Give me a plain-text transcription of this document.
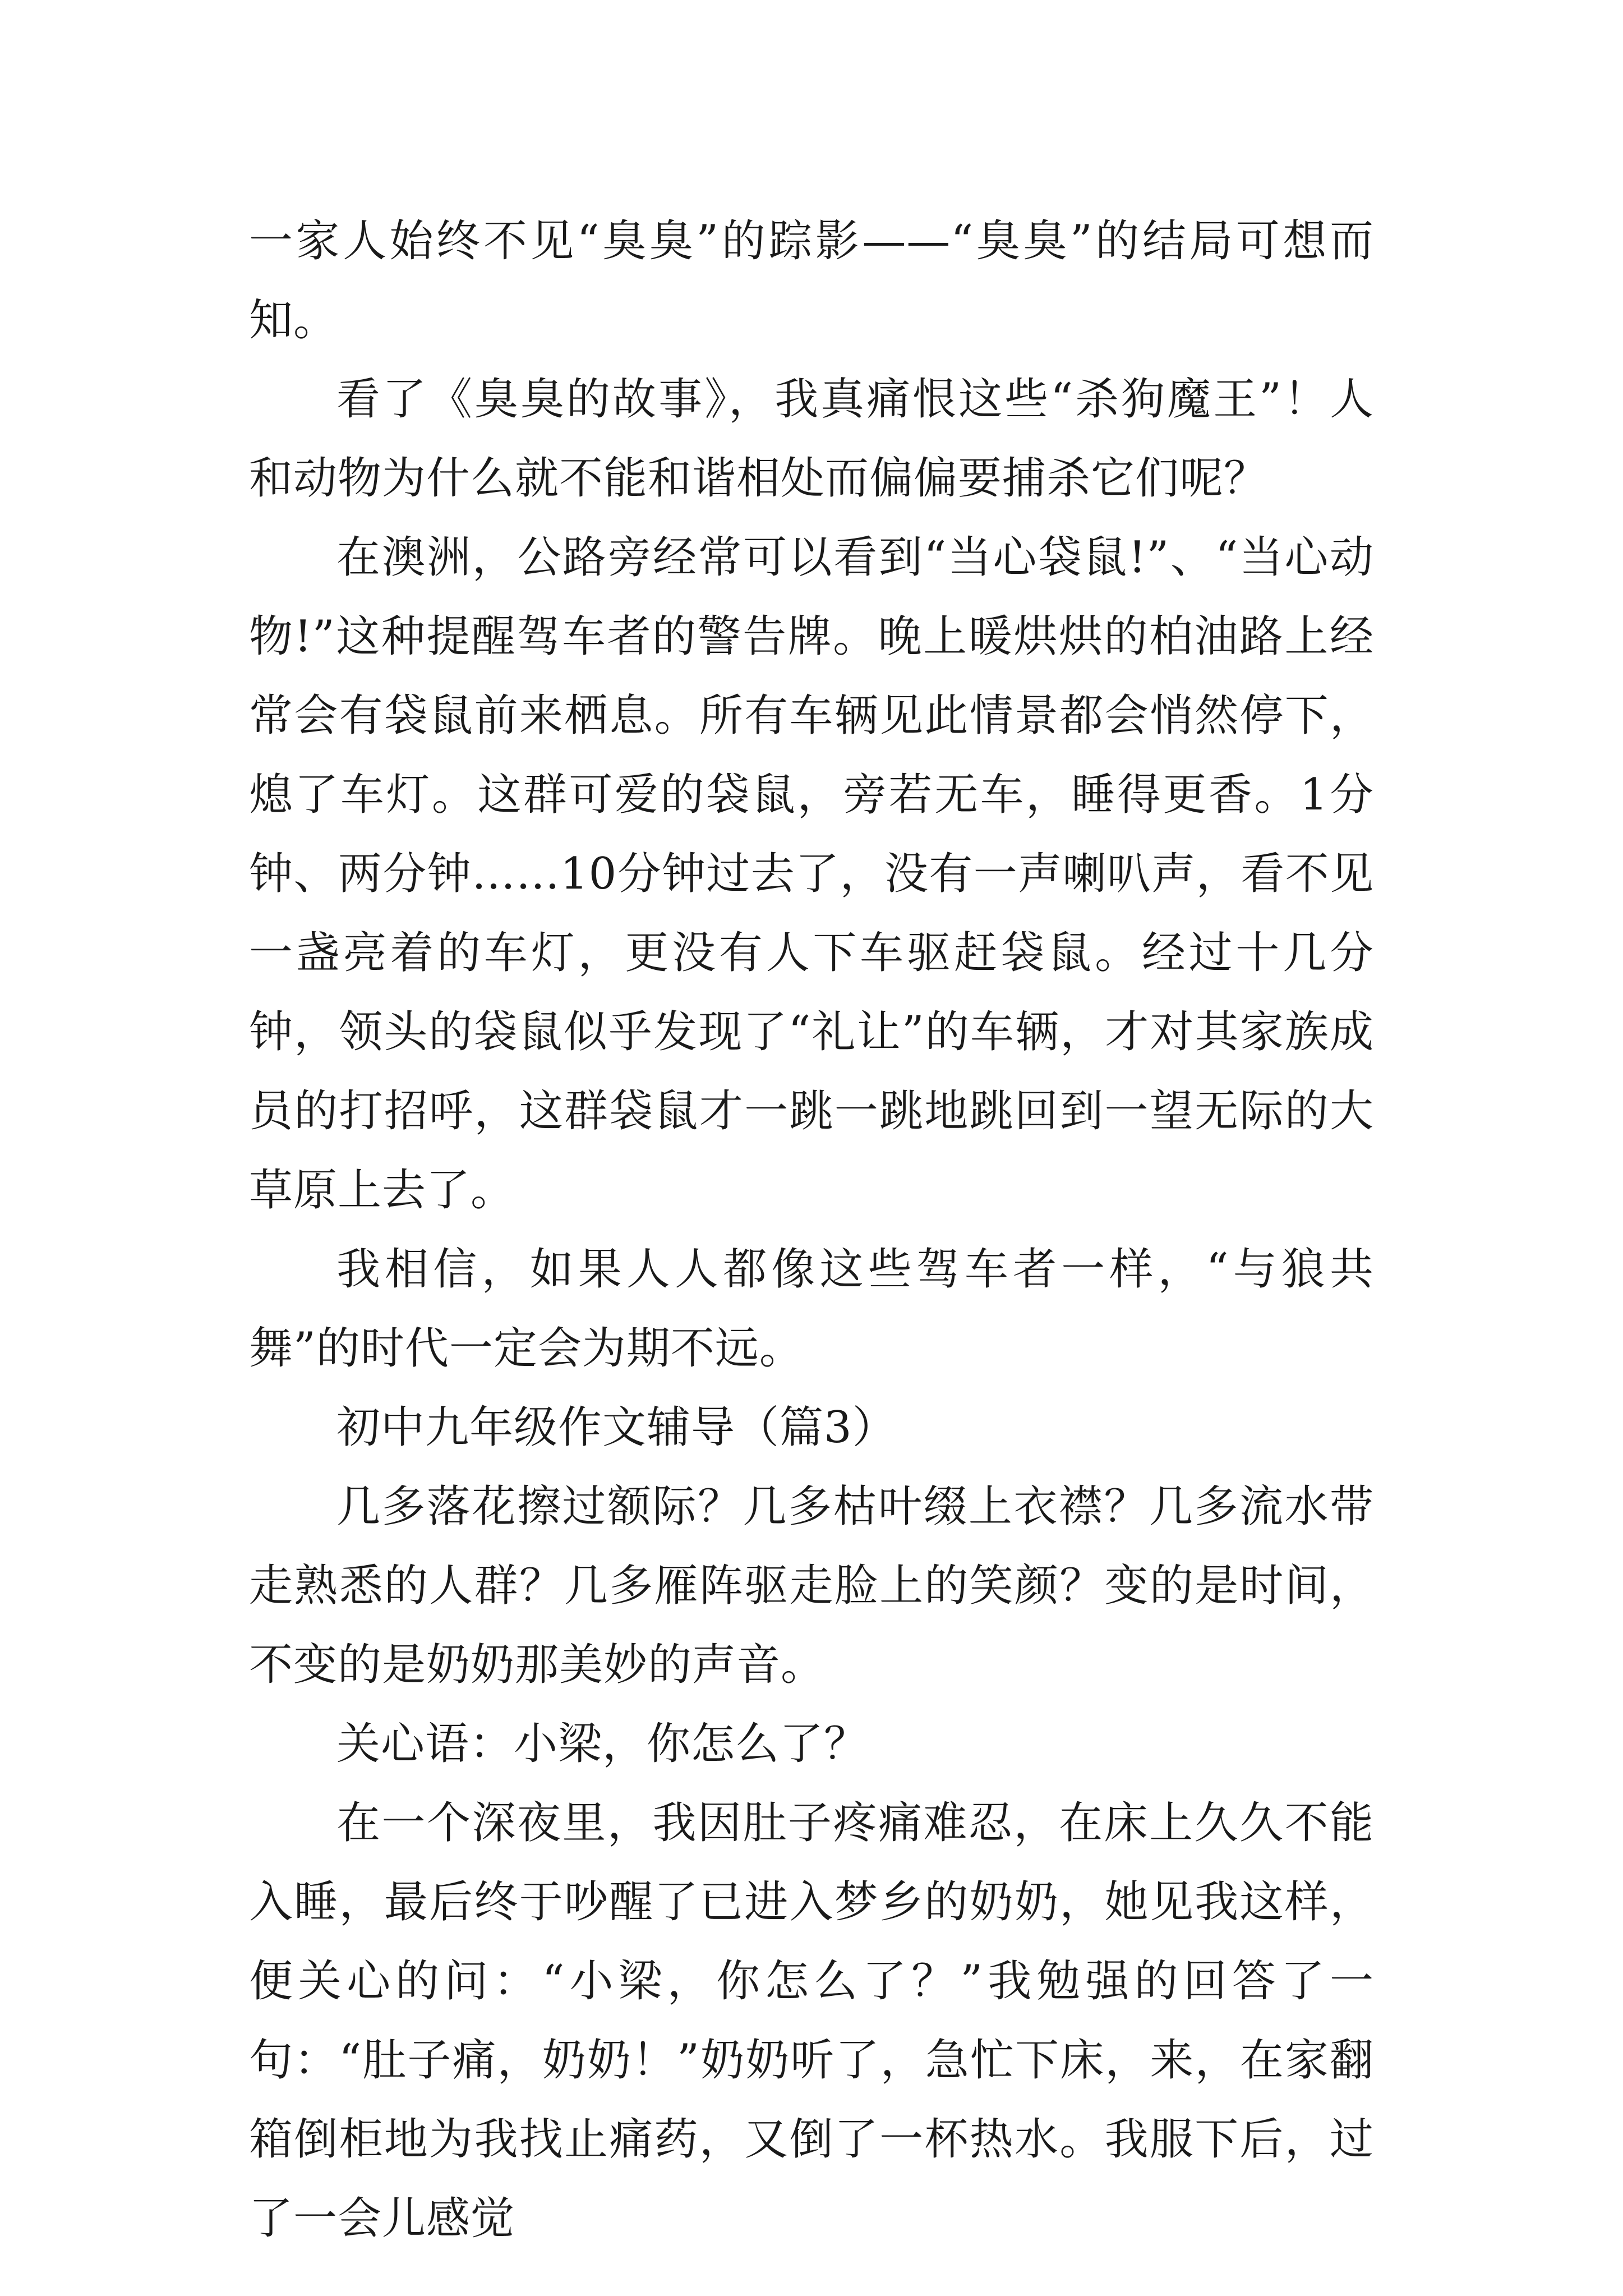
一家人始终不见“臭臭”的踪影——“臭臭”的结局可想而知。

看了《臭臭的故事》，我真痛恨这些“杀狗魔王”！人和动物为什么就不能和谐相处而偏偏要捕杀它们呢？

在澳洲，公路旁经常可以看到“当心袋鼠!”、“当心动物!”这种提醒驾车者的警告牌。晚上暖烘烘的柏油路上经常会有袋鼠前来栖息。所有车辆见此情景都会悄然停下，熄了车灯。这群可爱的袋鼠，旁若无车，睡得更香。1分钟、两分钟……10分钟过去了，没有一声喇叭声，看不见一盏亮着的车灯，更没有人下车驱赶袋鼠。经过十几分钟，领头的袋鼠似乎发现了“礼让”的车辆，才对其家族成员的打招呼，这群袋鼠才一跳一跳地跳回到一望无际的大草原上去了。

我相信，如果人人都像这些驾车者一样，“与狼共舞”的时代一定会为期不远。

初中九年级作文辅导（篇3）

几多落花擦过额际？几多枯叶缀上衣襟？几多流水带走熟悉的人群？几多雁阵驱走脸上的笑颜？变的是时间，不变的是奶奶那美妙的声音。

关心语：小梁，你怎么了？

在一个深夜里，我因肚子疼痛难忍，在床上久久不能入睡，最后终于吵醒了已进入梦乡的奶奶，她见我这样，便关心的问：“小梁，你怎么了？”我勉强的回答了一句：“肚子痛，奶奶！”奶奶听了，急忙下床，来，在家翻箱倒柜地为我找止痛药，又倒了一杯热水。我服下后，过了一会儿感觉
